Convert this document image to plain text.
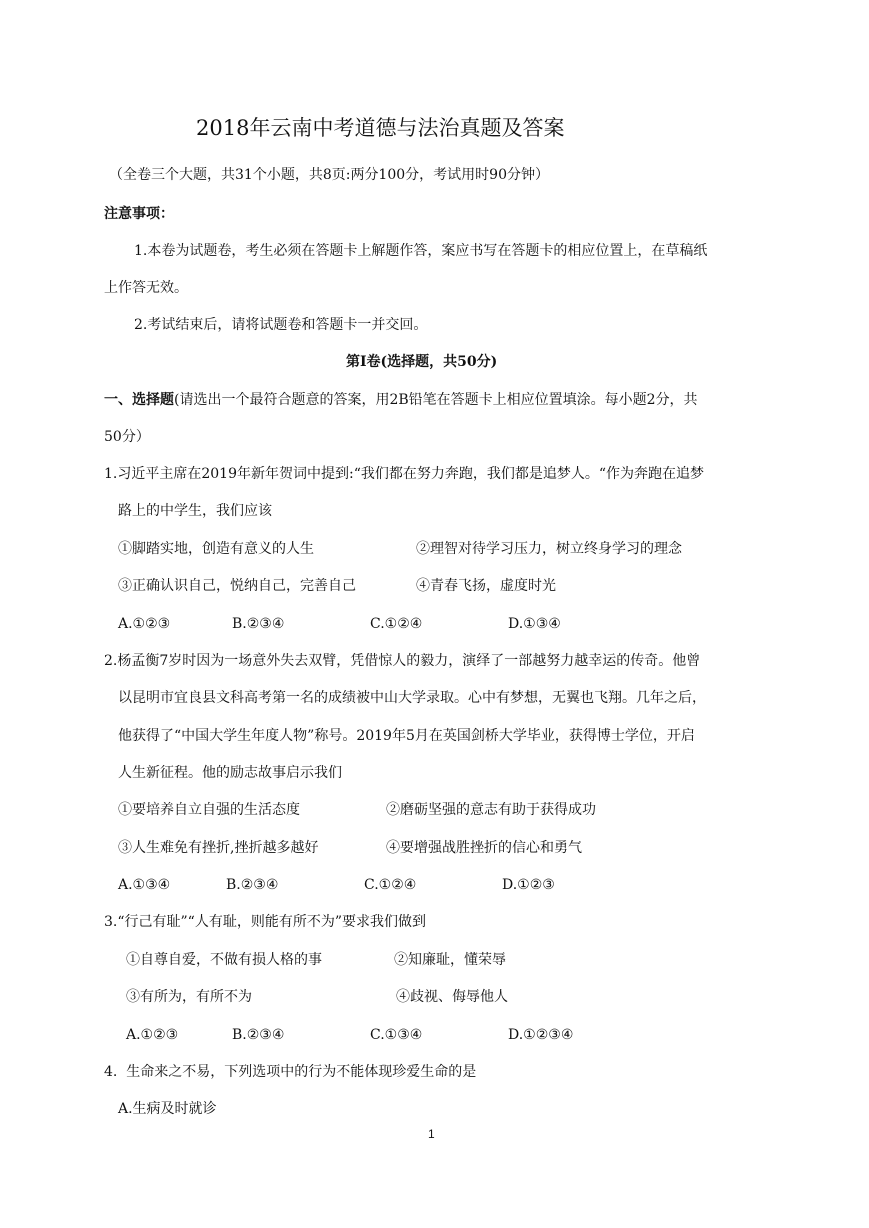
2018年云南中考道德与法治真题及答案
（全卷三个大题，共31个小题，共8页:两分100分，考试用时90分钟）
注意事项：
1.本卷为试题卷，考生必须在答题卡上解题作答，案应书写在答题卡的相应位置上，在草稿纸
上作答无效。
2.考试结束后，请将试题卷和答题卡一并交回。
第Ⅰ卷(选择题，共50分)
一、选择题(请选出一个最符合题意的答案，用2B铅笔在答题卡上相应位置填涂。每小题2分，共
50分）
1.习近平主席在2019年新年贺词中提到:“我们都在努力奔跑，我们都是追梦人。“作为奔跑在追梦
路上的中学生，我们应该
①脚踏实地，创造有意义的人生	②理智对待学习压力，树立终身学习的理念
③正确认识自己，悦纳自己，完善自己	④青春飞扬，虚度时光
A.①②③	B.②③④	C.①②④	D.①③④
2.杨孟衡7岁时因为一场意外失去双臂，凭借惊人的毅力，演绎了一部越努力越幸运的传奇。他曾
以昆明市宜良县文科高考第一名的成绩被中山大学录取。心中有梦想，无翼也飞翔。几年之后，
他获得了“中国大学生年度人物”称号。2019年5月在英国剑桥大学毕业，获得博士学位，开启
人生新征程。他的励志故事启示我们
①要培养自立自强的生活态度	②磨砺坚强的意志有助于获得成功
③人生难免有挫折,挫折越多越好	④要增强战胜挫折的信心和勇气
A.①③④	B.②③④	C.①②④	D.①②③
3.“行己有耻”“人有耻，则能有所不为”要求我们做到
①自尊自爱，不做有损人格的事	②知廉耻，懂荣辱
③有所为，有所不为	④歧视、侮辱他人
A.①②③	B.②③④	C.①③④	D.①②③④
4.  生命来之不易，下列选项中的行为不能体现珍爱生命的是
A.生病及时就诊
1
